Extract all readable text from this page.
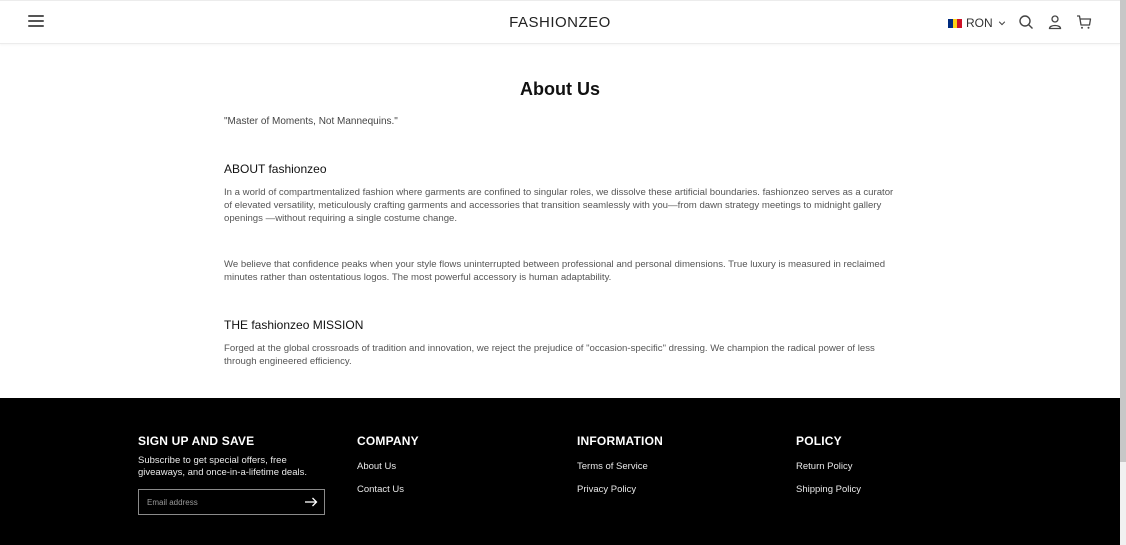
FASHIONZEO	RON
About Us
"Master of Moments, Not Mannequins."
ABOUT fashionzeo

In a world of compartmentalized fashion where garments are confined to singular roles, we dissolve these artificial boundaries. fashionzeo serves as a curator of elevated versatility, meticulously crafting garments and accessories that transition seamlessly with you—from dawn strategy meetings to midnight gallery openings —without requiring a single costume change.

We believe that confidence peaks when your style flows uninterrupted between professional and personal dimensions. True luxury is measured in reclaimed minutes rather than ostentatious logos. The most powerful accessory is human adaptability.

THE fashionzeo MISSION

Forged at the global crossroads of tradition and innovation, we reject the prejudice of "occasion-specific" dressing. We champion the radical power of less through engineered efficiency.

SIGN UP AND SAVE
Subscribe to get special offers, free giveaways, and once-in-a-lifetime deals.
Email address
COMPANY
About Us
Contact Us
INFORMATION
Terms of Service
Privacy Policy
POLICY
Return Policy
Shipping Policy
